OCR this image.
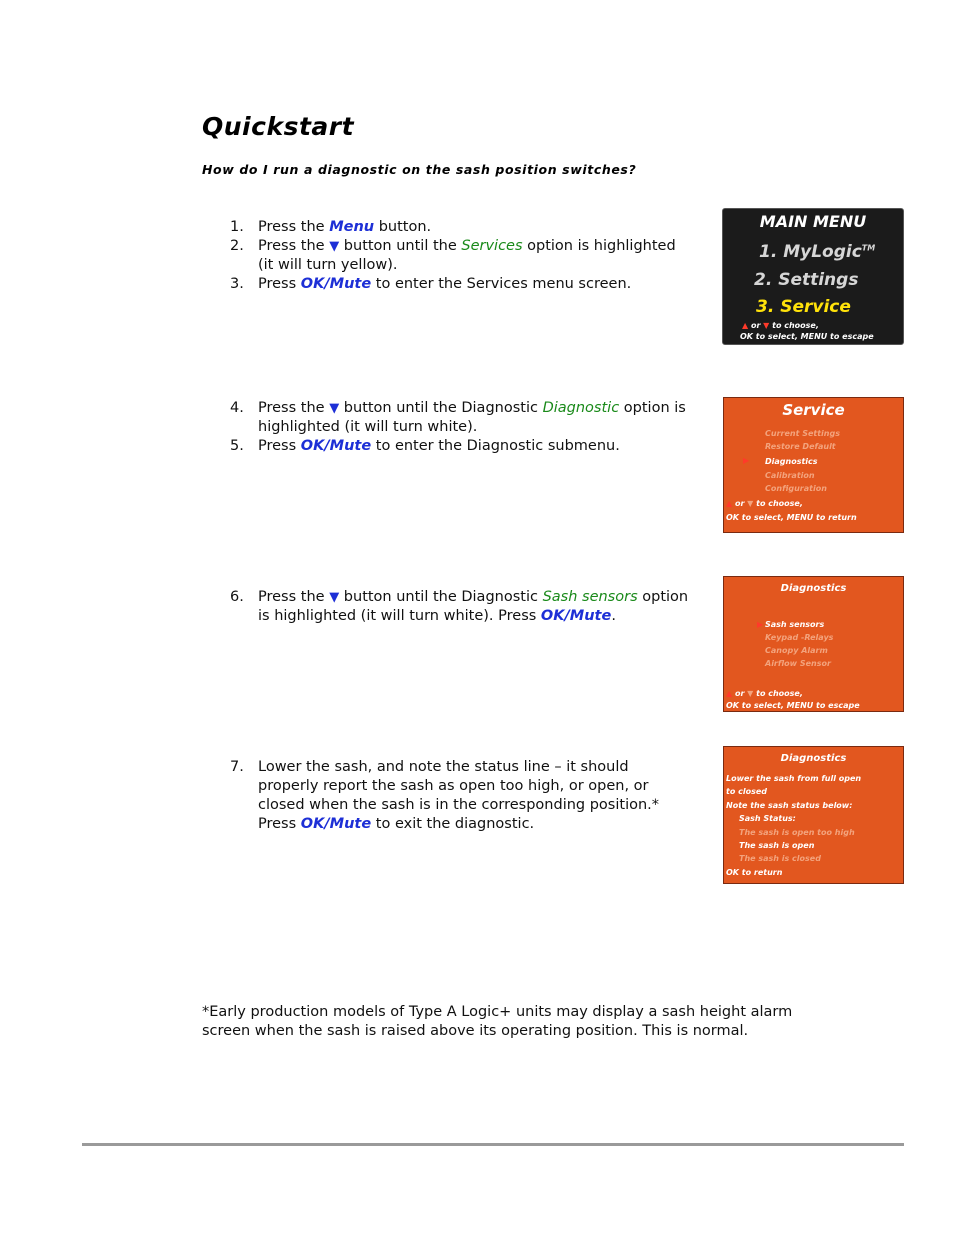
Quickstart
How do I run a diagnostic on the sash position switches?
1. Press the Menu button.
2. Press the ▼ button until the Services option is highlighted (it will turn yellow).
3. Press OK/Mute to enter the Services menu screen.
MAIN MENU
1. MyLogic™
2. Settings
3. Service
▲ or ▼ to choose,
OK to select, MENU to escape
4. Press the ▼ button until the Diagnostic Diagnostic option is highlighted (it will turn white).
5. Press OK/Mute to enter the Diagnostic submenu.
Service
Current Settings
Restore Default
▶ Diagnostics
Calibration
Configuration
▲ or ▼ to choose,
OK to select, MENU to return
6. Press the ▼ button until the Diagnostic Sash sensors option is highlighted (it will turn white). Press OK/Mute.
Diagnostics
▶ Sash sensors
Keypad -Relays
Canopy Alarm
Airflow Sensor
▲ or ▼ to choose,
OK to select, MENU to escape
7. Lower the sash, and note the status line – it should properly report the sash as open too high, or open, or closed when the sash is in the corresponding position.* Press OK/Mute to exit the diagnostic.
Diagnostics
Lower the sash from full open
to closed
Note the sash status below:
Sash Status:
The sash is open too high
The sash is open
The sash is closed
OK to return

*Early production models of Type A Logic+ units may display a sash height alarm screen when the sash is raised above its operating position. This is normal.
